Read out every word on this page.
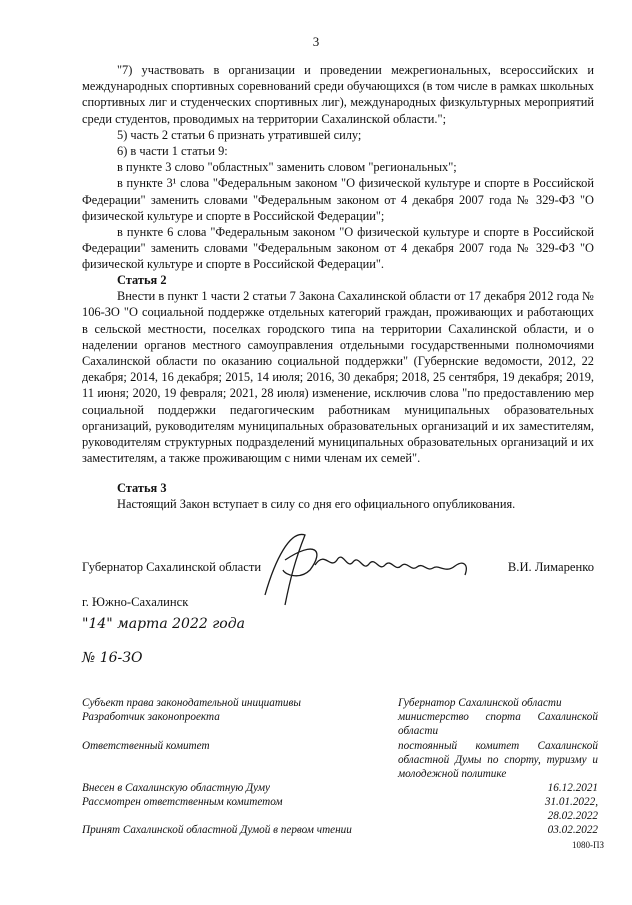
3

"7) участвовать в организации и проведении межрегиональных, всероссийских и международных спортивных соревнований среди обучающихся (в том числе в рамках школьных спортивных лиг и студенческих спортивных лиг), международных физкультурных мероприятий среди студентов, проводимых на территории Сахалинской области.";

5) часть 2 статьи 6 признать утратившей силу;

6) в части 1 статьи 9:

в пункте 3 слово "областных" заменить словом "региональных";

в пункте 3¹ слова "Федеральным законом "О физической культуре и спорте в Российской Федерации" заменить словами "Федеральным законом от 4 декабря 2007 года № 329-ФЗ "О физической культуре и спорте в Российской Федерации";

в пункте 6 слова "Федеральным законом "О физической культуре и спорте в Российской Федерации" заменить словами "Федеральным законом от 4 декабря 2007 года № 329-ФЗ "О физической культуре и спорте в Российской Федерации".

Статья 2

Внести в пункт 1 части 2 статьи 7 Закона Сахалинской области от 17 декабря 2012 года № 106-ЗО "О социальной поддержке отдельных категорий граждан, проживающих и работающих в сельской местности, поселках городского типа на территории Сахалинской области, и о наделении органов местного самоуправления отдельными государственными полномочиями Сахалинской области по оказанию социальной поддержки" (Губернские ведомости, 2012, 22 декабря; 2014, 16 декабря; 2015, 14 июля; 2016, 30 декабря; 2018, 25 сентября, 19 декабря; 2019, 11 июня; 2020, 19 февраля; 2021, 28 июля) изменение, исключив слова "по предоставлению мер социальной поддержки педагогическим работникам муниципальных образовательных организаций, руководителям муниципальных образовательных организаций и их заместителям, руководителям структурных подразделений муниципальных образовательных организаций и их заместителям, а также проживающим с ними членам их семей".

Статья 3

Настоящий Закон вступает в силу со дня его официального опубликования.

Губернатор Сахалинской области	В.И. Лимаренко
г. Южно-Сахалинск
"14" марта 2022 года
№ 16-ЗО
Субъект права законодательной инициативы	Губернатор Сахалинской области
Разработчик законопроекта	министерство спорта Сахалинской области
Ответственный комитет	постоянный комитет Сахалинской областной Думы по спорту, туризму и молодежной политике
Внесен в Сахалинскую областную Думу	16.12.2021
Рассмотрен ответственным комитетом	31.01.2022,
28.02.2022
Принят Сахалинской областной Думой в первом чтении	03.02.2022
1080-ПЗ
